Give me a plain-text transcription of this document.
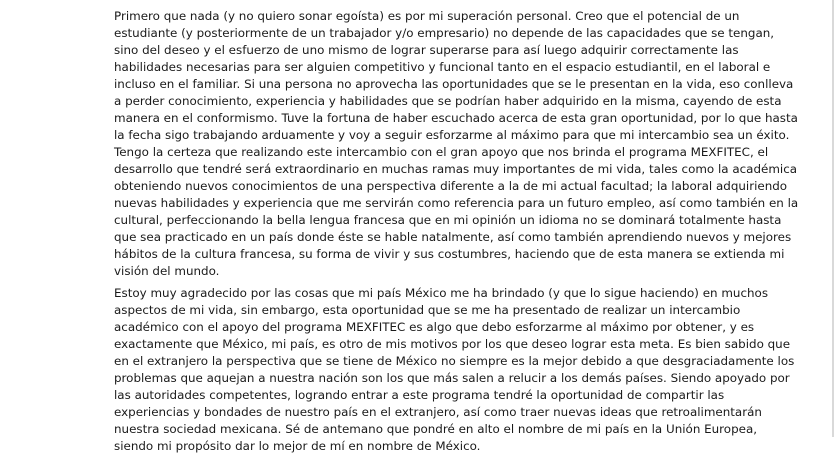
Primero que nada (y no quiero sonar egoísta) es por mi superación personal. Creo que el potencial de un
estudiante (y posteriormente de un trabajador y/o empresario) no depende de las capacidades que se tengan,
sino del deseo y el esfuerzo de uno mismo de lograr superarse para así luego adquirir correctamente las
habilidades necesarias para ser alguien competitivo y funcional tanto en el espacio estudiantil, en el laboral e
incluso en el familiar. Si una persona no aprovecha las oportunidades que se le presentan en la vida, eso conlleva
a perder conocimiento, experiencia y habilidades que se podrían haber adquirido en la misma, cayendo de esta
manera en el conformismo. Tuve la fortuna de haber escuchado acerca de esta gran oportunidad, por lo que hasta
la fecha sigo trabajando arduamente y voy a seguir esforzarme al máximo para que mi intercambio sea un éxito.
Tengo la certeza que realizando este intercambio con el gran apoyo que nos brinda el programa MEXFITEC, el
desarrollo que tendré será extraordinario en muchas ramas muy importantes de mi vida, tales como la académica
obteniendo nuevos conocimientos de una perspectiva diferente a la de mi actual facultad; la laboral adquiriendo
nuevas habilidades y experiencia que me servirán como referencia para un futuro empleo, así como también en la
cultural, perfeccionando la bella lengua francesa que en mi opinión un idioma no se dominará totalmente hasta
que sea practicado en un país donde éste se hable natalmente, así como también aprendiendo nuevos y mejores
hábitos de la cultura francesa, su forma de vivir y sus costumbres, haciendo que de esta manera se extienda mi
visión del mundo.

Estoy muy agradecido por las cosas que mi país México me ha brindado (y que lo sigue haciendo) en muchos
aspectos de mi vida, sin embargo, esta oportunidad que se me ha presentado de realizar un intercambio
académico con el apoyo del programa MEXFITEC es algo que debo esforzarme al máximo por obtener, y es
exactamente que México, mi país, es otro de mis motivos por los que deseo lograr esta meta. Es bien sabido que
en el extranjero la perspectiva que se tiene de México no siempre es la mejor debido a que desgraciadamente los
problemas que aquejan a nuestra nación son los que más salen a relucir a los demás países. Siendo apoyado por
las autoridades competentes, logrando entrar a este programa tendré la oportunidad de compartir las
experiencias y bondades de nuestro país en el extranjero, así como traer nuevas ideas que retroalimentarán
nuestra sociedad mexicana. Sé de antemano que pondré en alto el nombre de mi país en la Unión Europea,
siendo mi propósito dar lo mejor de mí en nombre de México.
